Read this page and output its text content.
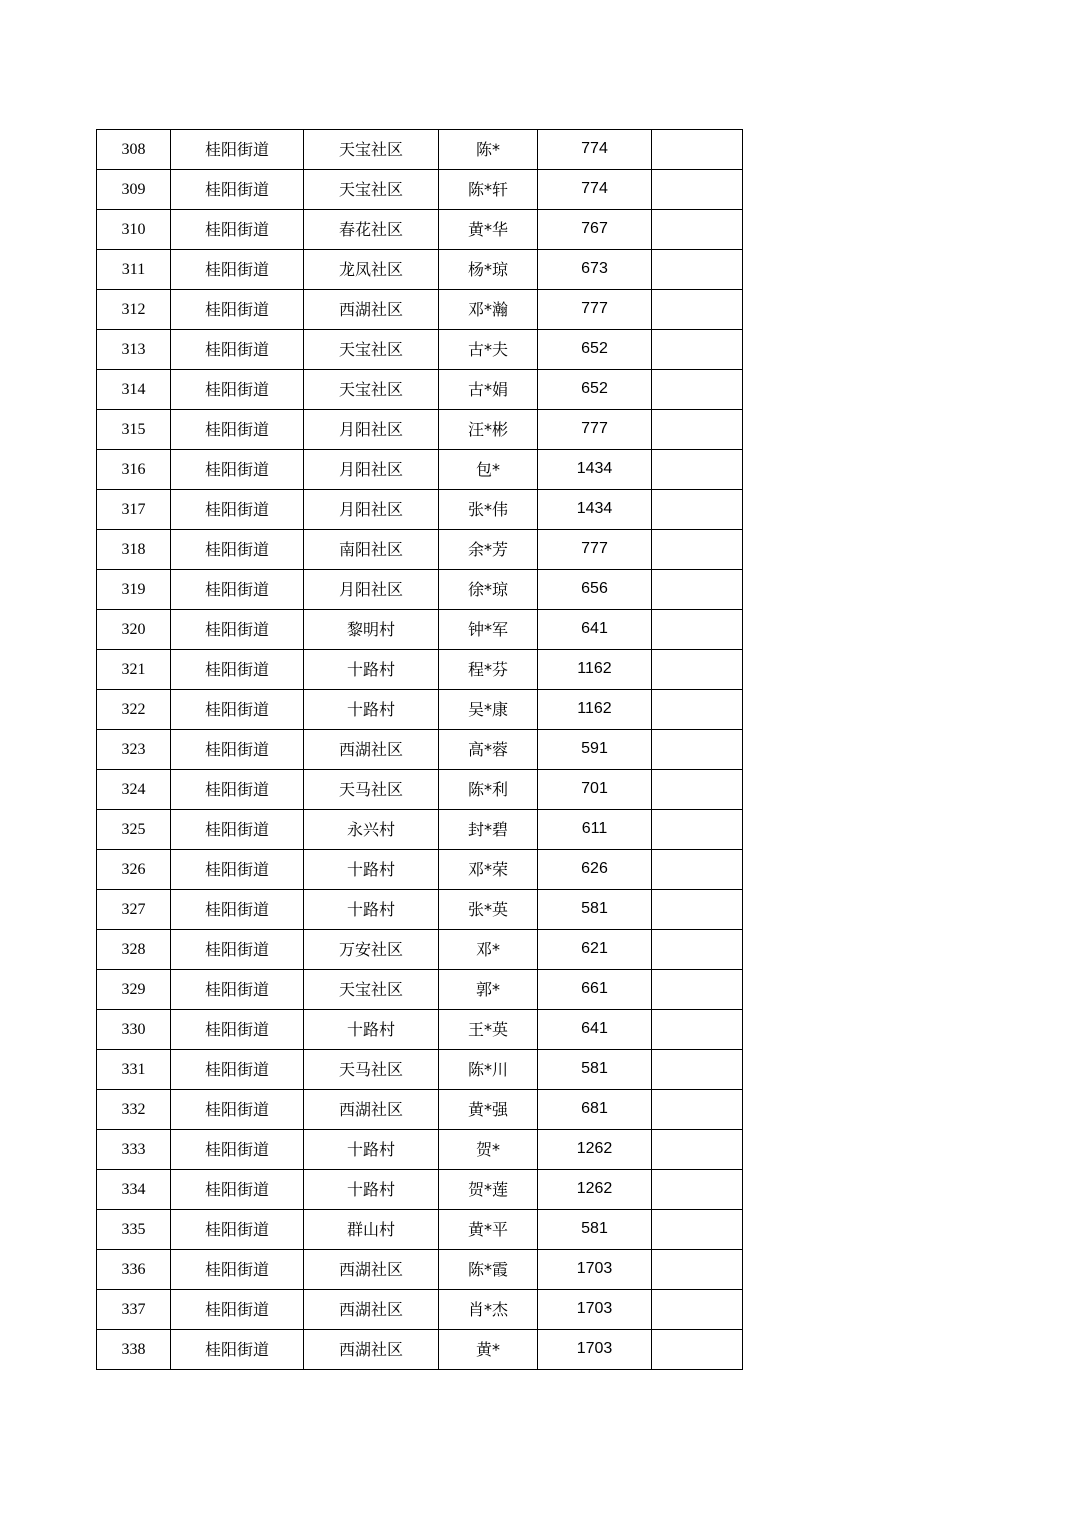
308	桂阳街道	天宝社区	陈*	774	
309	桂阳街道	天宝社区	陈*轩	774	
310	桂阳街道	春花社区	黄*华	767	
311	桂阳街道	龙凤社区	杨*琼	673	
312	桂阳街道	西湖社区	邓*瀚	777	
313	桂阳街道	天宝社区	古*夫	652	
314	桂阳街道	天宝社区	古*娟	652	
315	桂阳街道	月阳社区	汪*彬	777	
316	桂阳街道	月阳社区	包*	1434	
317	桂阳街道	月阳社区	张*伟	1434	
318	桂阳街道	南阳社区	余*芳	777	
319	桂阳街道	月阳社区	徐*琼	656	
320	桂阳街道	黎明村	钟*军	641	
321	桂阳街道	十路村	程*芬	1162	
322	桂阳街道	十路村	吴*康	1162	
323	桂阳街道	西湖社区	高*蓉	591	
324	桂阳街道	天马社区	陈*利	701	
325	桂阳街道	永兴村	封*碧	611	
326	桂阳街道	十路村	邓*荣	626	
327	桂阳街道	十路村	张*英	581	
328	桂阳街道	万安社区	邓*	621	
329	桂阳街道	天宝社区	郭*	661	
330	桂阳街道	十路村	王*英	641	
331	桂阳街道	天马社区	陈*川	581	
332	桂阳街道	西湖社区	黄*强	681	
333	桂阳街道	十路村	贺*	1262	
334	桂阳街道	十路村	贺*莲	1262	
335	桂阳街道	群山村	黄*平	581	
336	桂阳街道	西湖社区	陈*霞	1703	
337	桂阳街道	西湖社区	肖*杰	1703	
338	桂阳街道	西湖社区	黄*	1703	
